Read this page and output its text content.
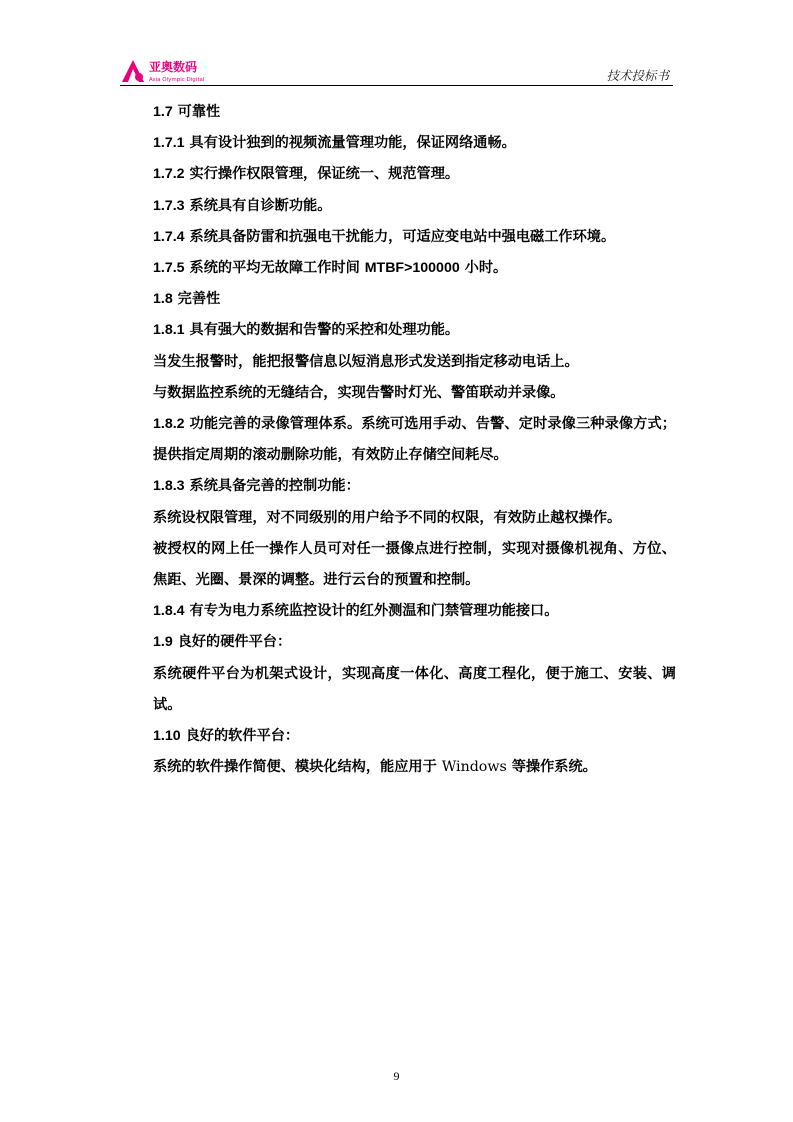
亚奥数码
Asia Olympic Digital	技术投标书

1.7 可靠性

1.7.1 具有设计独到的视频流量管理功能，保证网络通畅。

1.7.2 实行操作权限管理，保证统一、规范管理。

1.7.3 系统具有自诊断功能。

1.7.4 系统具备防雷和抗强电干扰能力，可适应变电站中强电磁工作环境。

1.7.5 系统的平均无故障工作时间 MTBF>100000 小时。

1.8 完善性

1.8.1 具有强大的数据和告警的采控和处理功能。

当发生报警时，能把报警信息以短消息形式发送到指定移动电话上。

与数据监控系统的无缝结合，实现告警时灯光、警笛联动并录像。

1.8.2 功能完善的录像管理体系。系统可选用手动、告警、定时录像三种录像方式；提供指定周期的滚动删除功能，有效防止存储空间耗尽。

1.8.3 系统具备完善的控制功能：

系统设权限管理，对不同级别的用户给予不同的权限，有效防止越权操作。

被授权的网上任一操作人员可对任一摄像点进行控制，实现对摄像机视角、方位、焦距、光圈、景深的调整。进行云台的预置和控制。

1.8.4 有专为电力系统监控设计的红外测温和门禁管理功能接口。

1.9 良好的硬件平台：

系统硬件平台为机架式设计，实现高度一体化、高度工程化，便于施工、安装、调试。

1.10 良好的软件平台：

系统的软件操作简便、模块化结构，能应用于 Windows 等操作系统。

9
